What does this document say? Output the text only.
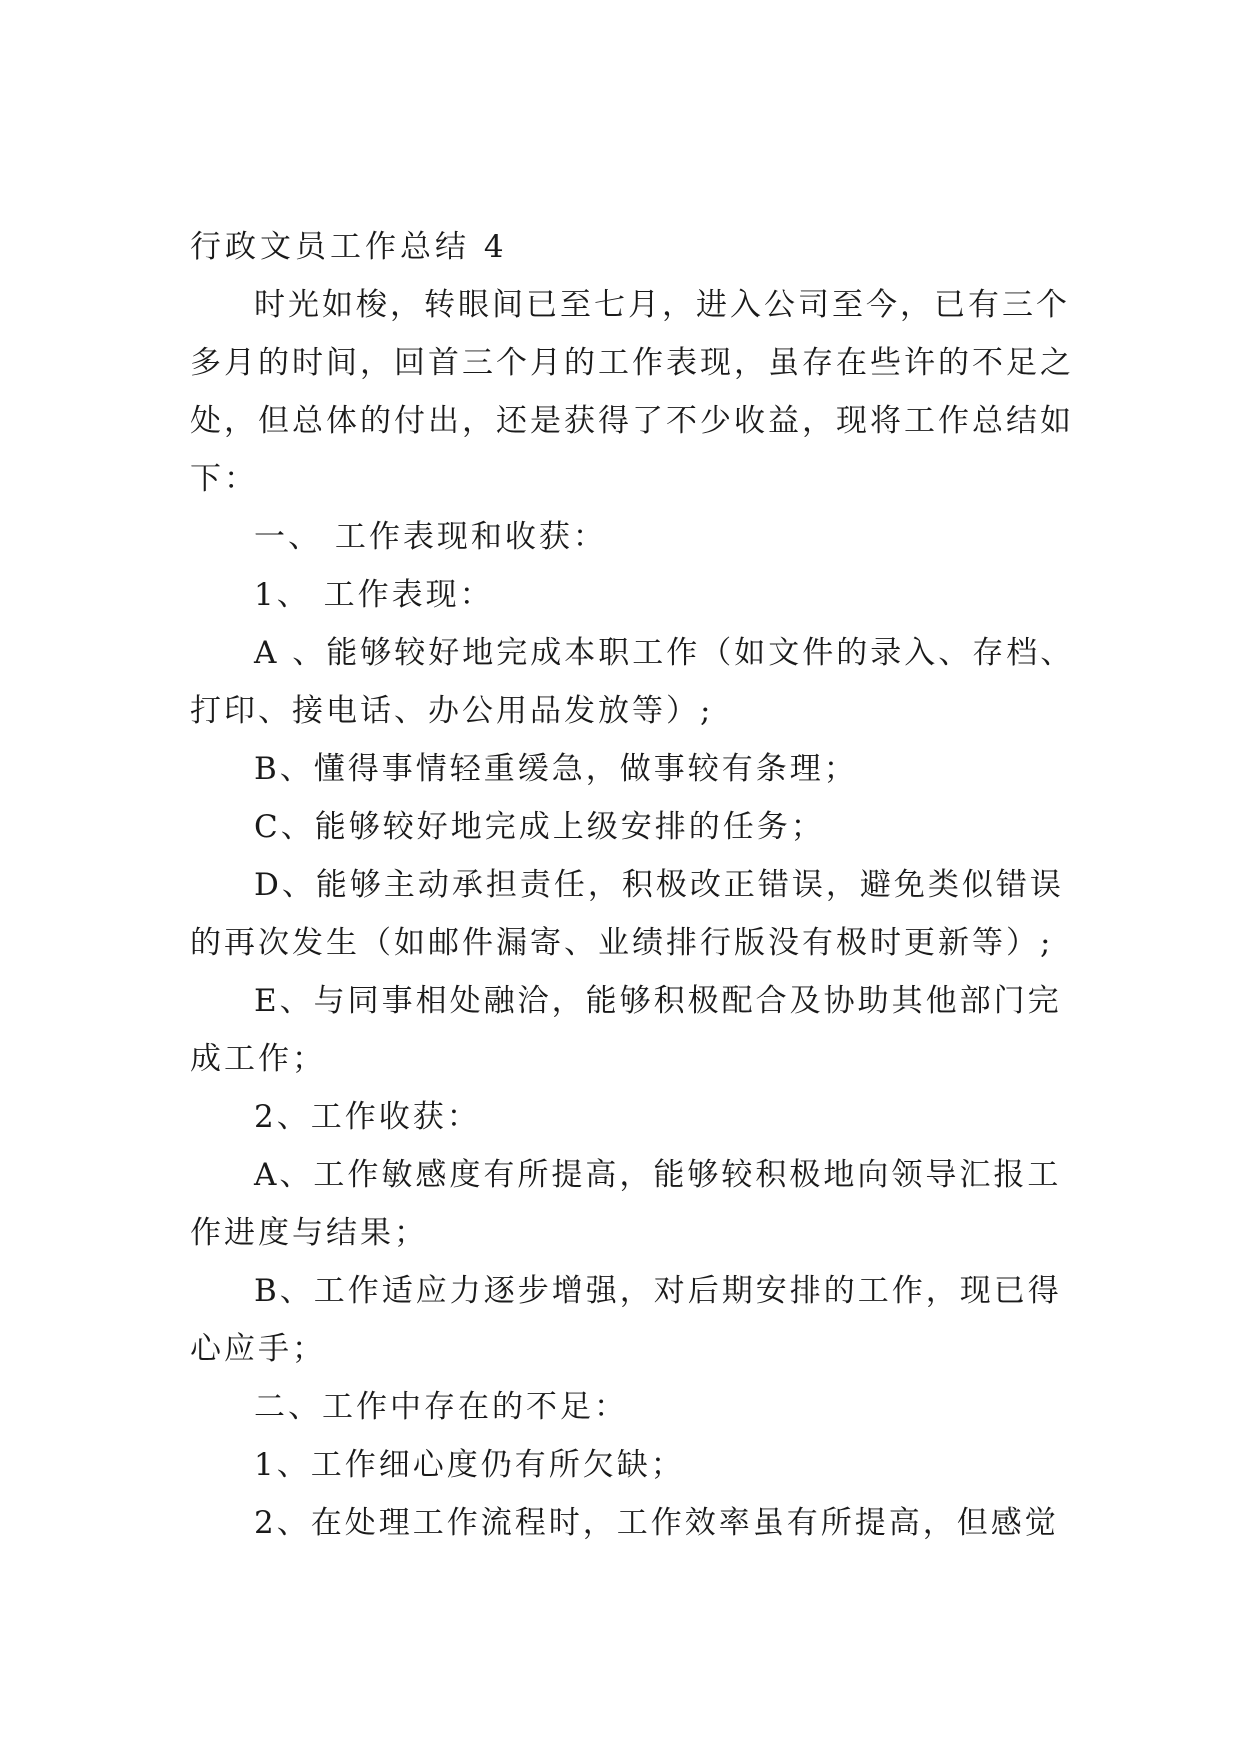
行政文员工作总结 4
时光如梭，转眼间已至七月，进入公司至今，已有三个
多月的时间，回首三个月的工作表现，虽存在些许的不足之
处，但总体的付出，还是获得了不少收益，现将工作总结如
下：
一、 工作表现和收获：
1、 工作表现：
A 、能够较好地完成本职工作（如文件的录入、存档、
打印、接电话、办公用品发放等）;
B、懂得事情轻重缓急，做事较有条理；
C、能够较好地完成上级安排的任务；
D、能够主动承担责任，积极改正错误，避免类似错误
的再次发生（如邮件漏寄、业绩排行版没有极时更新等）;
E、与同事相处融洽，能够积极配合及协助其他部门完
成工作；
2、工作收获：
A、工作敏感度有所提高，能够较积极地向领导汇报工
作进度与结果；
B、工作适应力逐步增强，对后期安排的工作，现已得
心应手；
二、工作中存在的不足：
1、工作细心度仍有所欠缺；
2、在处理工作流程时，工作效率虽有所提高，但感觉
